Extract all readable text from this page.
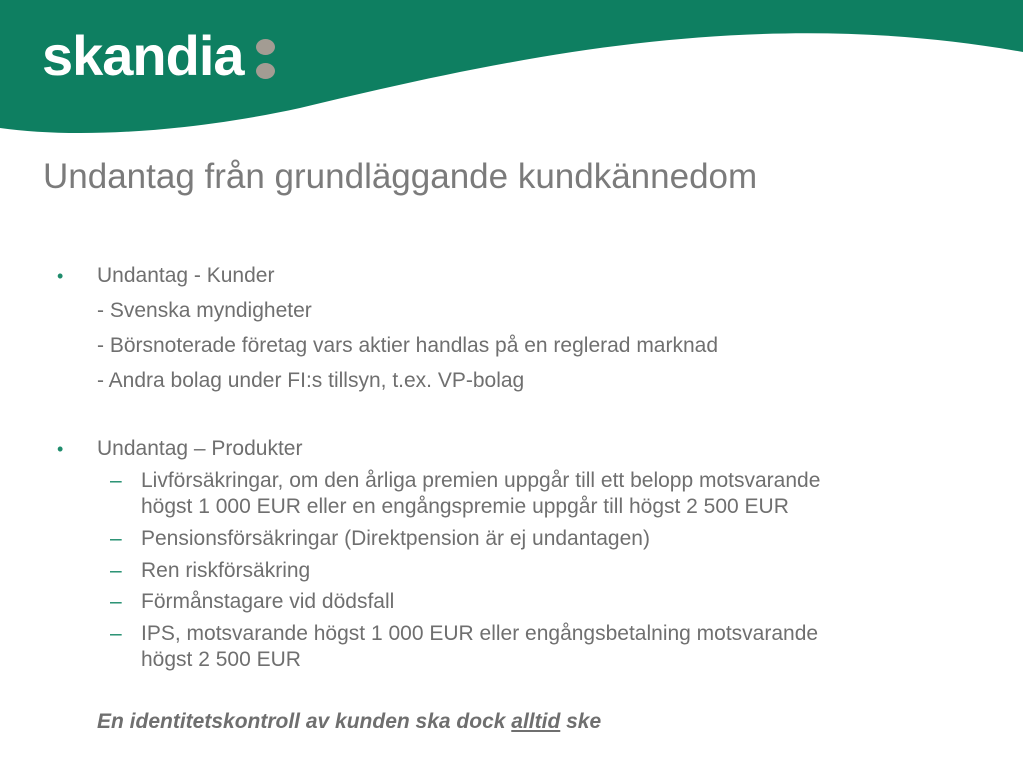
skandia
Undantag från grundläggande kundkännedom
• Undantag - Kunder
- Svenska myndigheter
- Börsnoterade företag vars aktier handlas på en reglerad marknad
- Andra bolag under FI:s tillsyn, t.ex. VP-bolag
• Undantag – Produkter
– Livförsäkringar, om den årliga premien uppgår till ett belopp motsvarande
högst 1 000 EUR eller en engångspremie uppgår till högst 2 500 EUR
– Pensionsförsäkringar (Direktpension är ej undantagen)
– Ren riskförsäkring
– Förmånstagare vid dödsfall
– IPS, motsvarande högst 1 000 EUR eller engångsbetalning motsvarande
högst 2 500 EUR
En identitetskontroll av kunden ska dock alltid ske
